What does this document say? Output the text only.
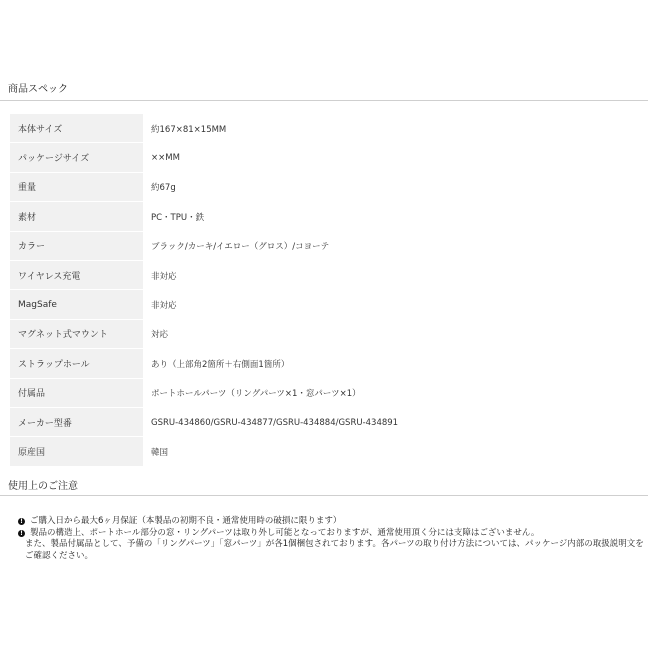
商品スペック
本体サイズ	約167×81×15MM
パッケージサイズ	××MM
重量	約67g
素材	PC・TPU・鉄
カラー	ブラック/カーキ/イエロー（グロス）/コヨーテ
ワイヤレス充電	非対応
MagSafe	非対応
マグネット式マウント	対応
ストラップホール	あり（上部角2箇所＋右側面1箇所）
付属品	ポートホールパーツ（リングパーツ×1・窓パーツ×1）
メーカー型番	GSRU-434860/GSRU-434877/GSRU-434884/GSRU-434891
原産国	韓国
使用上のご注意
! ご購入日から最大6ヶ月保証（本製品の初期不良・通常使用時の破損に限ります）
! 製品の構造上、ポートホール部分の窓・リングパーツは取り外し可能となっておりますが、通常使用頂く分には支障はございません。
また、製品付属品として、予備の「リングパーツ」「窓パーツ」が各1個梱包されております。各パーツの取り付け方法については、パッケージ内部の取扱説明文を
ご確認ください。
